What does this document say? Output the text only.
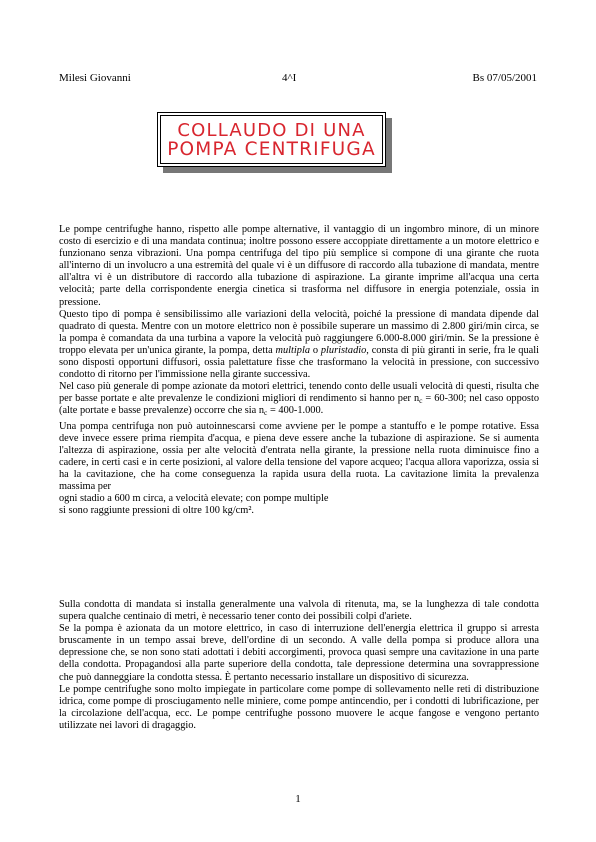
Milesi Giovanni	4^I	Bs 07/05/2001
COLLAUDO DI UNA
POMPA CENTRIFUGA

Le pompe centrifughe hanno, rispetto alle pompe alternative, il vantaggio di un ingombro minore, di un minore costo di esercizio e di una mandata continua; inoltre possono essere accoppiate direttamente a un motore elettrico e funzionano senza vibrazioni. Una pompa centrifuga del tipo più semplice si compone di una girante che ruota all'interno di un involucro a una estremità del quale vi è un diffusore di raccordo alla tubazione di mandata, mentre all'altra vi è un distributore di raccordo alla tubazione di aspirazione. La girante imprime all'acqua una certa velocità; parte della corrispondente energia cinetica si trasforma nel diffusore in energia potenziale, ossia in pressione.

Questo tipo di pompa è sensibilissimo alle variazioni della velocità, poiché la pressione di mandata dipende dal quadrato di questa. Mentre con un motore elettrico non è possibile superare un massimo di 2.800 giri/min circa, se la pompa è comandata da una turbina a vapore la velocità può raggiungere 6.000-8.000 giri/min. Se la pressione è troppo elevata per un'unica girante, la pompa, detta multipla o pluristadio, consta di più giranti in serie, fra le quali sono disposti opportuni diffusori, ossia palettature fisse che trasformano la velocità in pressione, con successivo condotto di ritorno per l'immissione nella girante successiva.

Nel caso più generale di pompe azionate da motori elettrici, tenendo conto delle usuali velocità di questi, risulta che per basse portate e alte prevalenze le condizioni migliori di rendimento si hanno per $n_c = 60-300$; nel caso opposto (alte portate e basse prevalenze) occorre che sia $n_c = 400-1.000$.

Una pompa centrifuga non può autoinnescarsi come avviene per le pompe a stantuffo e le pompe rotative. Essa deve invece essere prima riempita d'acqua, e piena deve essere anche la tubazione di aspirazione. Se si aumenta l'altezza di aspirazione, ossia per alte velocità d'entrata nella girante, la pressione nella ruota diminuisce fino a cadere, in certi casi e in certe posizioni, al valore della tensione del vapore acqueo; l'acqua allora vaporizza, ossia si ha la cavitazione, che ha come conseguenza la rapida usura della ruota. La cavitazione limita la prevalenza massima per

ogni stadio a 600 m circa, a velocità elevate; con pompe multiple

si sono raggiunte pressioni di oltre 100 kg/cm².

Sulla condotta di mandata si installa generalmente una valvola di ritenuta, ma, se la lunghezza di tale condotta supera qualche centinaio di metri, è necessario tener conto dei possibili colpi d'ariete.

Se la pompa è azionata da un motore elettrico, in caso di interruzione dell'energia elettrica il gruppo si arresta bruscamente in un tempo assai breve, dell'ordine di un secondo. A valle della pompa si produce allora una depressione che, se non sono stati adottati i debiti accorgimenti, provoca quasi sempre una cavitazione in una parte della condotta. Propagandosi alla parte superiore della condotta, tale depressione determina una sovrappressione che può danneggiare la condotta stessa. È pertanto necessario installare un dispositivo di sicurezza.

Le pompe centrifughe sono molto impiegate in particolare come pompe di sollevamento nelle reti di distribuzione idrica, come pompe di prosciugamento nelle miniere, come pompe antincendio, per i condotti di lubrificazione, per la circolazione dell'acqua, ecc. Le pompe centrifughe possono muovere le acque fangose e vengono pertanto utilizzate nei lavori di dragaggio.

1
